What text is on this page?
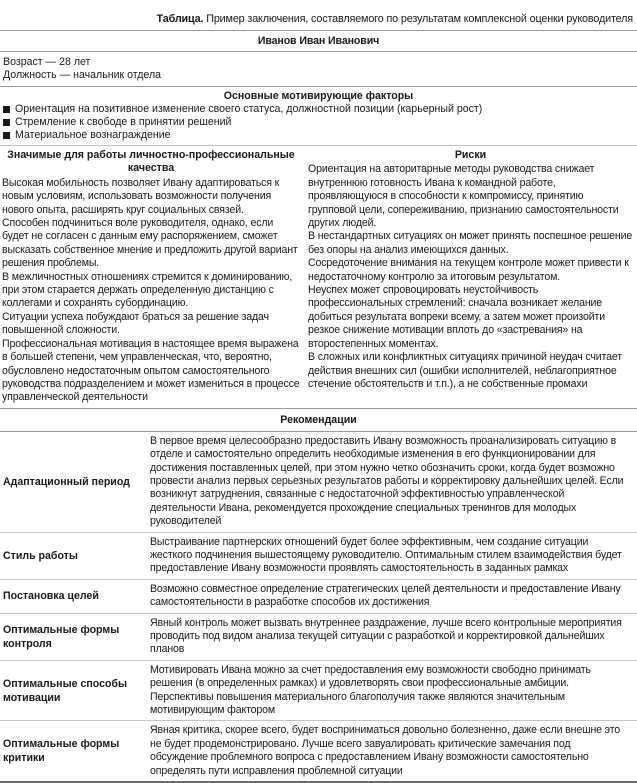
Таблица. Пример заключения, составляемого по результатам комплексной оценки руководителя
Иванов Иван Иванович
Возраст — 28 лет
Должность — начальник отдела
Основные мотивирующие факторы
Ориентация на позитивное изменение своего статуса, должностной позиции (карьерный рост)
Стремление к свободе в принятии решений
Материальное вознаграждение
Значимые для работы личностно-профессиональные качества
Высокая мобильность позволяет Ивану адаптироваться к новым условиям, использовать возможности получения нового опыта, расширять круг социальных связей.
Способен подчиниться воле руководителя, однако, если будет не согласен с данным ему распоряжением, сможет высказать собственное мнение и предложить другой вариант решения проблемы.
В межличностных отношениях стремится к доминированию, при этом старается держать определенную дистанцию с коллегами и сохранять субординацию.
Ситуации успеха побуждают браться за решение задач повышенной сложности.
Профессиональная мотивация в настоящее время выражена в большей степени, чем управленческая, что, вероятно, обусловлено недостаточным опытом самостоятельного руководства подразделением и может измениться в процессе управленческой деятельности
Риски
Ориентация на авторитарные методы руководства снижает внутреннюю готовность Ивана к командной работе, проявляющуюся в способности к компромиссу, принятию групповой цели, сопереживанию, признанию самостоятельности других людей.
В нестандартных ситуациях он может принять поспешное решение без опоры на анализ имеющихся данных.
Сосредоточение внимания на текущем контроле может привести к недостаточному контролю за итоговым результатом.
Неуспех может спровоцировать неустойчивость профессиональных стремлений: сначала возникает желание добиться результата вопреки всему, а затем может произойти резкое снижение мотивации вплоть до «застревания» на второстепенных моментах.
В сложных или конфликтных ситуациях причиной неудач считает действия внешних сил (ошибки исполнителей, неблагоприятное стечение обстоятельств и т.п.), а не собственные промахи
Рекомендации
Адаптационный период
В первое время целесообразно предоставить Ивану возможность проанализировать ситуацию в отделе и самостоятельно определить необходимые изменения в его функционировании для достижения поставленных целей, при этом нужно четко обозначить сроки, когда будет возможно провести анализ первых серьезных результатов работы и корректировку дальнейших целей. Если возникнут затруднения, связанные с недостаточной эффективностью управленческой деятельности Ивана, рекомендуется прохождение специальных тренингов для молодых руководителей
Стиль работы
Выстраивание партнерских отношений будет более эффективным, чем создание ситуации жесткого подчинения вышестоящему руководителю. Оптимальным стилем взаимодействия будет предоставление Ивану возможности проявлять самостоятельность в заданных рамках
Постановка целей
Возможно совместное определение стратегических целей деятельности и предоставление Ивану самостоятельности в разработке способов их достижения
Оптимальные формы контроля
Явный контроль может вызвать внутреннее раздражение, лучше всего контрольные мероприятия проводить под видом анализа текущей ситуации с разработкой и корректировкой дальнейших планов
Оптимальные способы мотивации
Мотивировать Ивана можно за счет предоставления ему возможности свободно принимать решения (в определенных рамках) и удовлетворять свои профессиональные амбиции. Перспективы повышения материального благополучия также являются значительным мотивирующим фактором
Оптимальные формы критики
Явная критика, скорее всего, будет восприниматься довольно болезненно, даже если внешне это не будет продемонстрировано. Лучше всего завуалировать критические замечания под обсуждение проблемного вопроса с предоставлением Ивану возможности самостоятельно определять пути исправления проблемной ситуации
